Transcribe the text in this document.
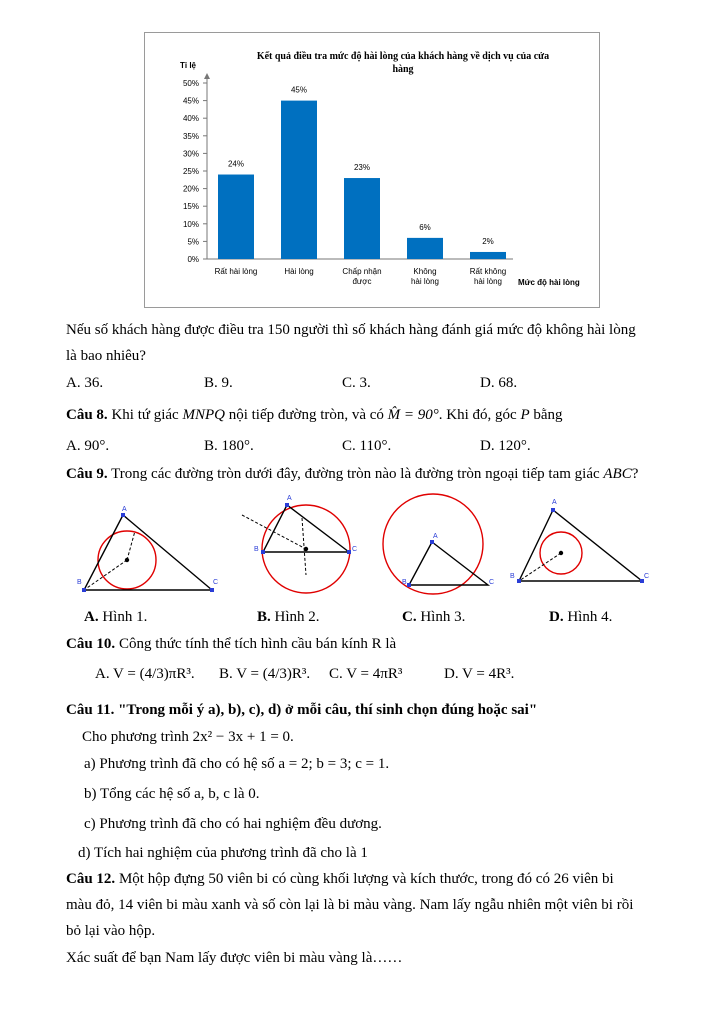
Kết quả điều tra mức độ hài lòng của khách hàng về dịch vụ của cửa
hàng
Tỉ lệ
0%
5%
10%
15%
20%
25%
30%
35%
40%
45%
50%
24%
Rất hài lòng
45%
Hài lòng
23%
Chấp nhận
được
6%
Không
hài lòng
2%
Rất không
hài lòng Mức độ hài lòng
Nếu số khách hàng được điều tra 150 người thì số khách hàng đánh giá mức độ không hài lòng
là bao nhiêu?
A. 36.	B. 9.	C. 3.	D. 68.
Câu 8. Khi tứ giác MNPQ nội tiếp đường tròn, và có M̂ = 90°. Khi đó, góc P bằng
A. 90°.	B. 180°.	C. 110°.	D. 120°.
Câu 9. Trong các đường tròn dưới đây, đường tròn nào là đường tròn ngoại tiếp tam giác ABC?
A
B	C
A
B	C
A
B	C
A
B	C
A. Hình 1.	B. Hình 2.	C. Hình 3.	D. Hình 4.
Câu 10. Công thức tính thể tích hình cầu bán kính R là
A. V = (4/3)πR³. B. V = (4/3)R³. C. V = 4πR³	D. V = 4R³.
Câu 11. "Trong mỗi ý a), b), c), d) ở mỗi câu, thí sinh chọn đúng hoặc sai"
Cho phương trình 2x² − 3x + 1 = 0.
a) Phương trình đã cho có hệ số a = 2; b = 3; c = 1.
b) Tổng các hệ số a, b, c là 0.
c) Phương trình đã cho có hai nghiệm đều dương.
d) Tích hai nghiệm của phương trình đã cho là 1
Câu 12. Một hộp đựng 50 viên bi có cùng khối lượng và kích thước, trong đó có 26 viên bi
màu đỏ, 14 viên bi màu xanh và số còn lại là bi màu vàng. Nam lấy ngẫu nhiên một viên bi rồi
bỏ lại vào hộp.
Xác suất để bạn Nam lấy được viên bi màu vàng là……
